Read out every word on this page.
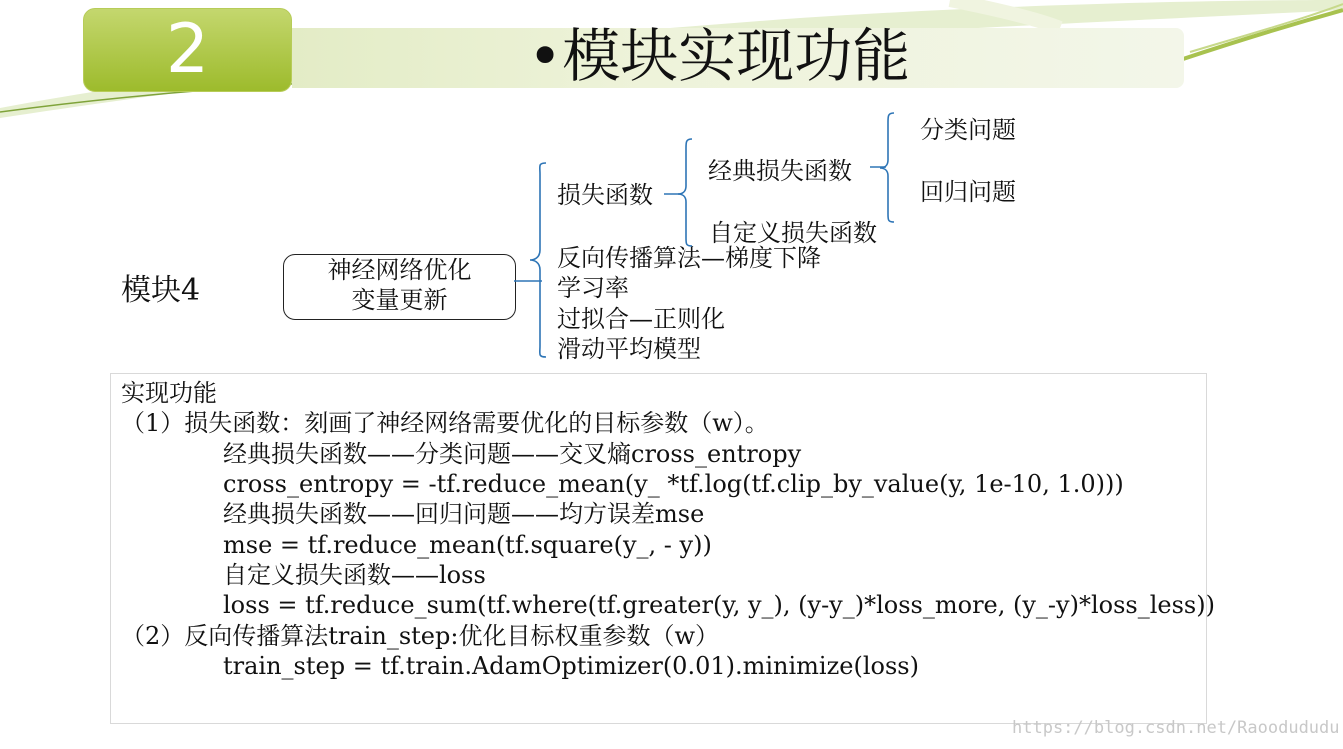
2	•模块实现功能
模块4
神经网络优化
变量更新
损失函数
反向传播算法—梯度下降
学习率
过拟合—正则化
滑动平均模型
经典损失函数
自定义损失函数
分类问题
回归问题
实现功能
（1）损失函数：刻画了神经网络需要优化的目标参数（w）。
经典损失函数——分类问题——交叉熵cross_entropy
cross_entropy = -tf.reduce_mean(y_ *tf.log(tf.clip_by_value(y, 1e-10, 1.0)))
经典损失函数——回归问题——均方误差mse
mse = tf.reduce_mean(tf.square(y_, - y))
自定义损失函数——loss
loss = tf.reduce_sum(tf.where(tf.greater(y, y_), (y-y_)*loss_more, (y_-y)*loss_less))
（2）反向传播算法train_step:优化目标权重参数（w）
train_step = tf.train.AdamOptimizer(0.01).minimize(loss)
https://blog.csdn.net/Raoodududu
